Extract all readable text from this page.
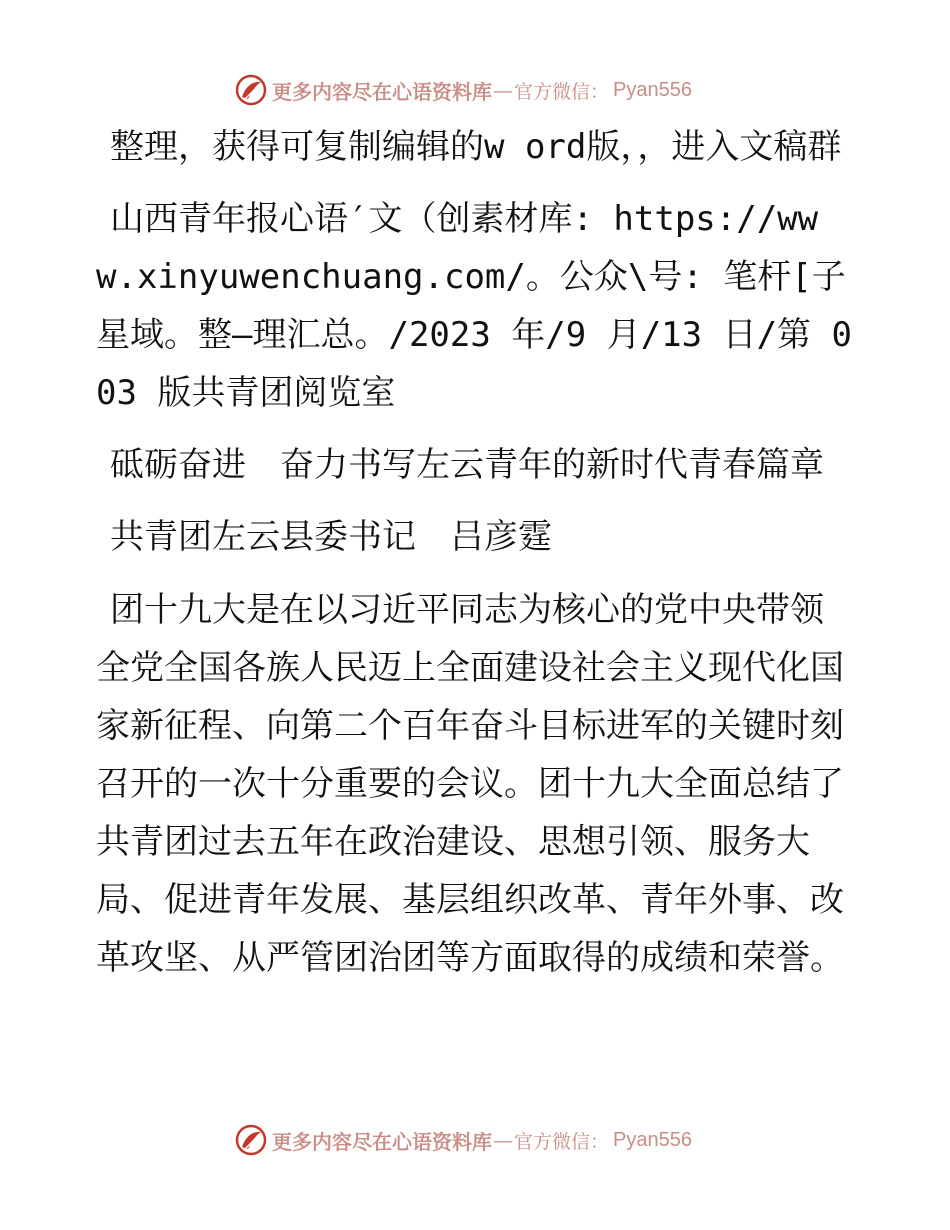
更多内容尽在心语资料库 — 官方微信： Pyan556

整理，获得可复制编辑的w ord版，，进入文稿群

山西青年报心语′文（创素材库: https://www.xinyuwenchuang.com/。公众\号: 笔杆[子星域。整—理汇总。/2023 年/9 月/13 日/第 003 版共青团阅览室

砥砺奋进　奋力书写左云青年的新时代青春篇章

共青团左云县委书记　吕彦霆

团十九大是在以习近平同志为核心的党中央带领全党全国各族人民迈上全面建设社会主义现代化国家新征程、向第二个百年奋斗目标进军的关键时刻召开的一次十分重要的会议。团十九大全面总结了共青团过去五年在政治建设、思想引领、服务大局、促进青年发展、基层组织改革、青年外事、改革攻坚、从严管团治团等方面取得的成绩和荣誉。

更多内容尽在心语资料库 — 官方微信： Pyan556
